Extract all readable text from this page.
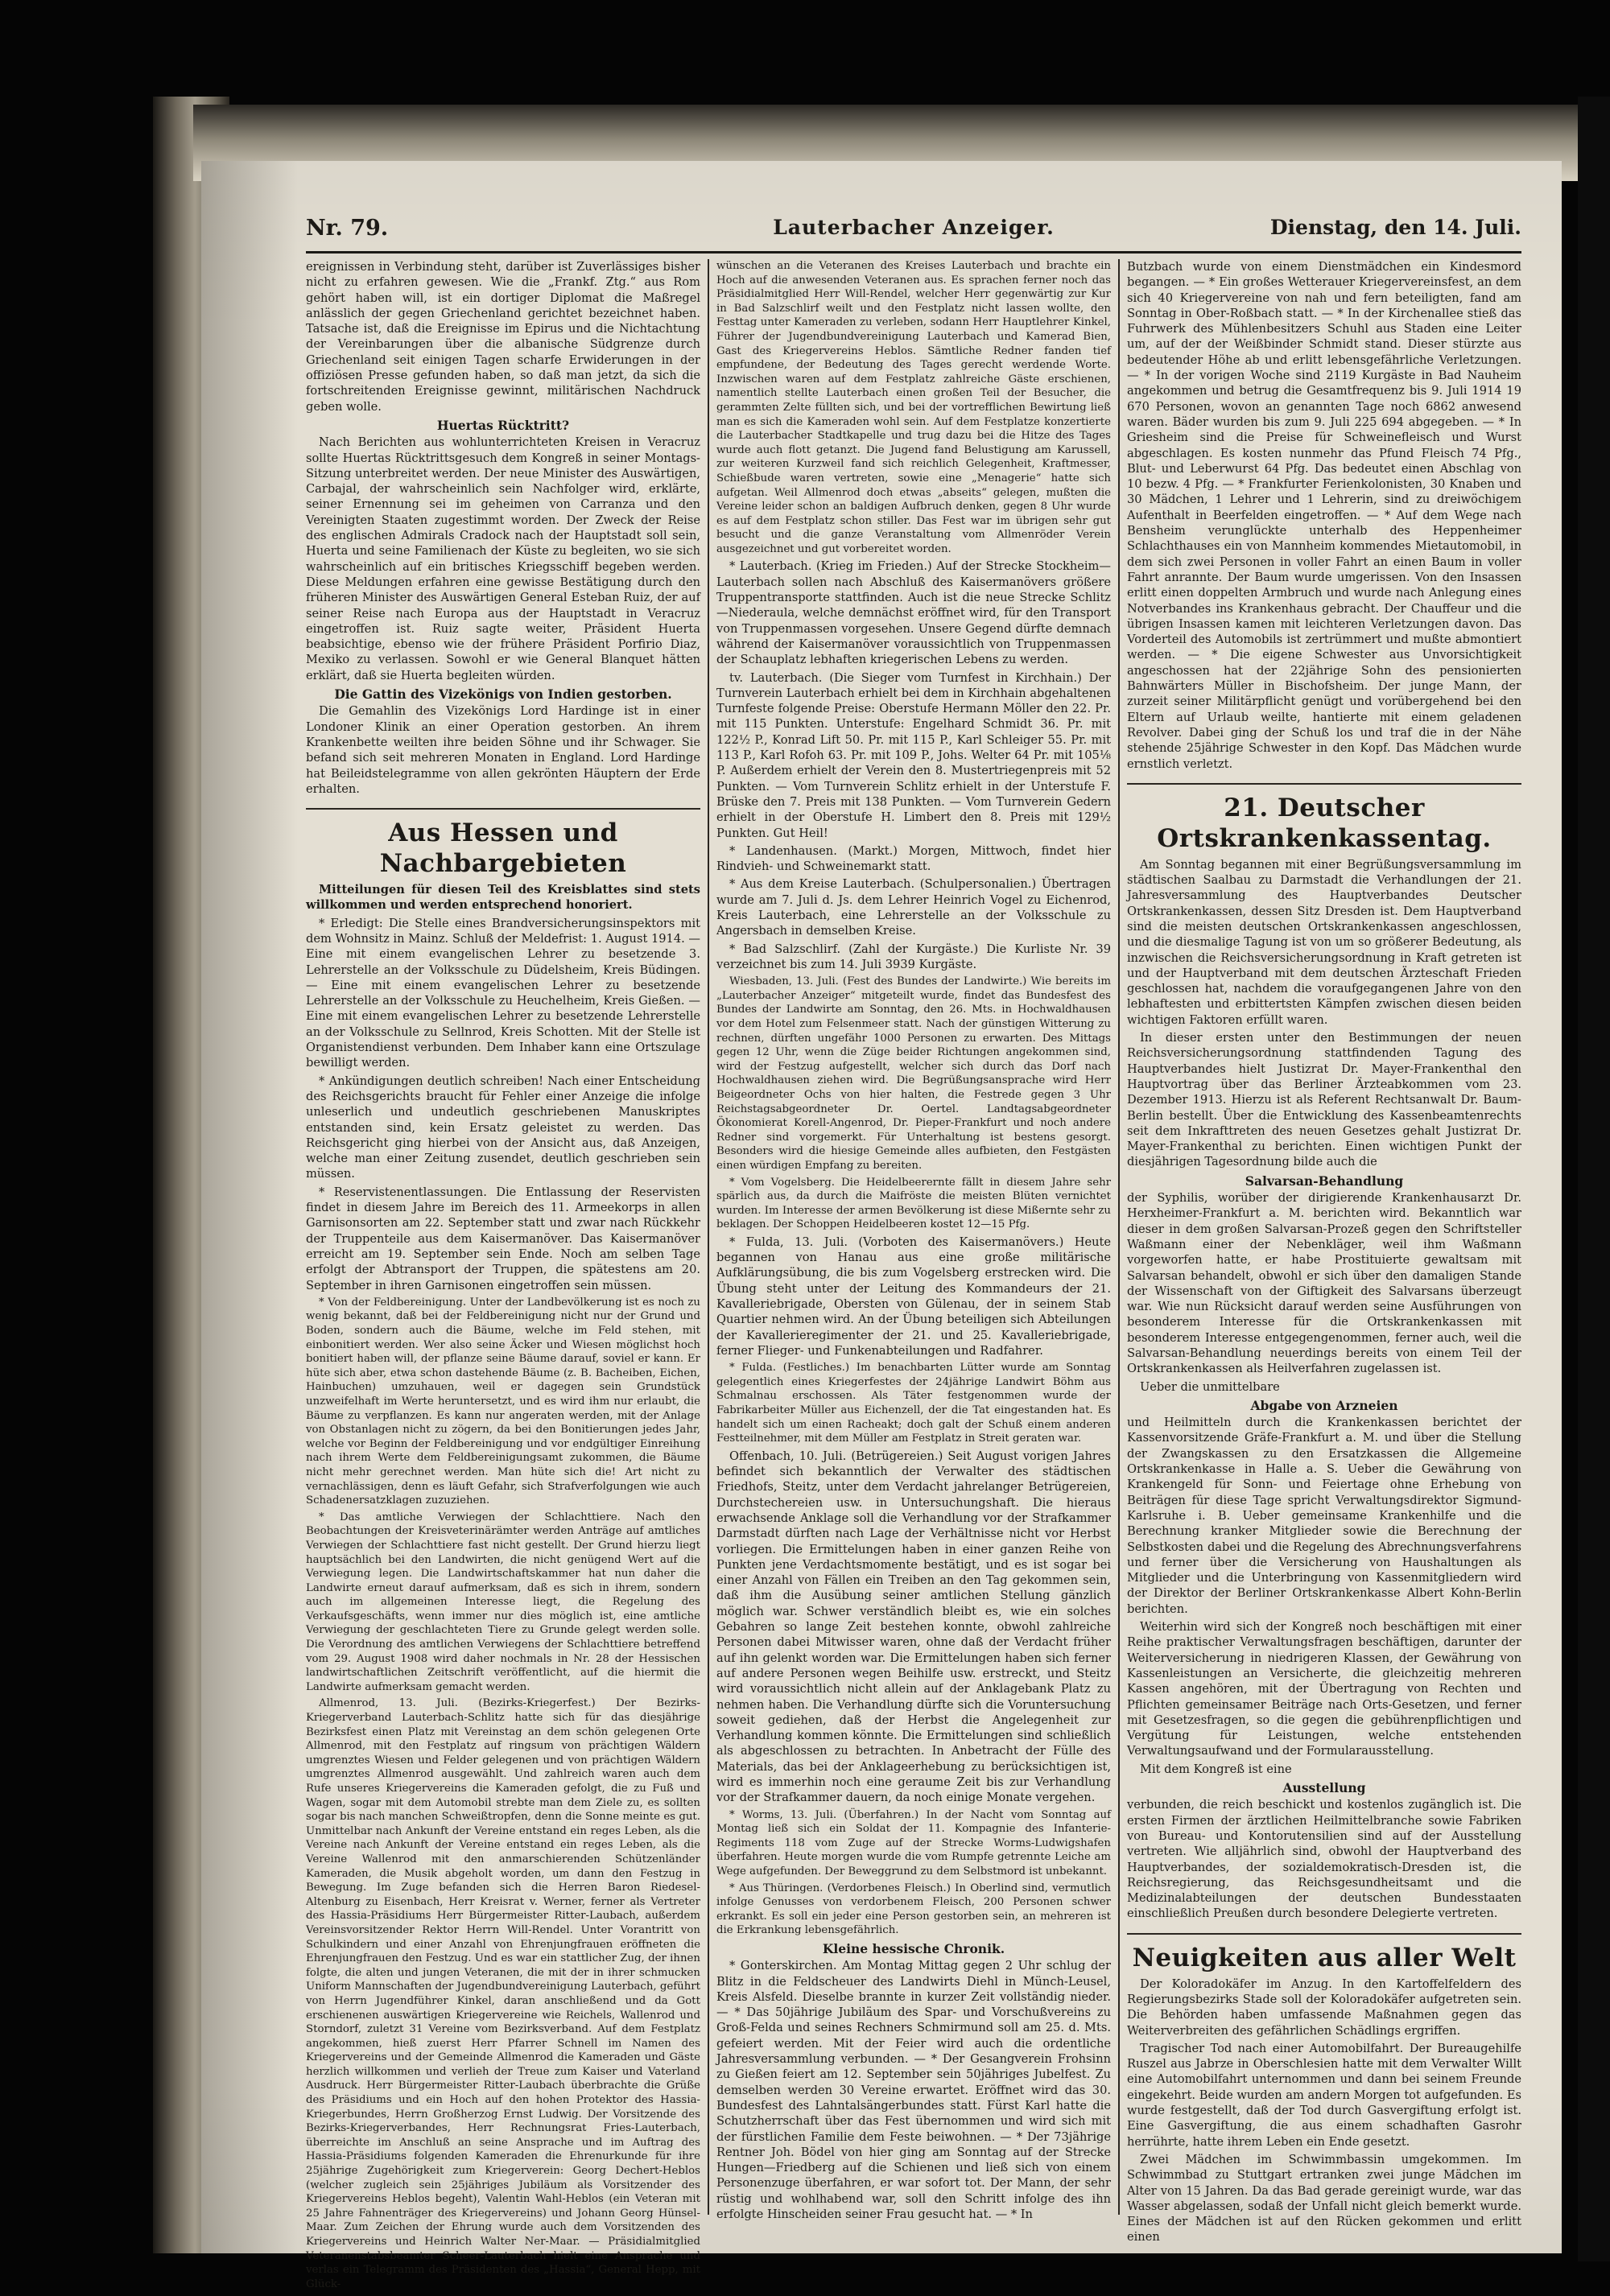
Nr. 79.	Lauterbacher Anzeiger.	Dienstag, den 14. Juli.

ereignissen in Verbindung steht, darüber ist Zuverlässiges bisher nicht zu erfahren gewesen. Wie die „Frankf. Ztg.“ aus Rom gehört haben will, ist ein dortiger Diplomat die Maßregel anlässlich der gegen Griechenland gerichtet bezeichnet haben. Tatsache ist, daß die Ereignisse im Epirus und die Nichtachtung der Vereinbarungen über die albanische Südgrenze durch Griechenland seit einigen Tagen scharfe Erwiderungen in der offiziösen Presse gefunden haben, so daß man jetzt, da sich die fortschreitenden Ereignisse gewinnt, militärischen Nachdruck geben wolle.

Huertas Rücktritt?

Nach Berichten aus wohlunterrichteten Kreisen in Veracruz sollte Huertas Rücktrittsgesuch dem Kongreß in seiner Montags-Sitzung unterbreitet werden. Der neue Minister des Auswärtigen, Carbajal, der wahrscheinlich sein Nachfolger wird, erklärte, seiner Ernennung sei im geheimen von Carranza und den Vereinigten Staaten zugestimmt worden. Der Zweck der Reise des englischen Admirals Cradock nach der Hauptstadt soll sein, Huerta und seine Familienach der Küste zu begleiten, wo sie sich wahrscheinlich auf ein britisches Kriegsschiff begeben werden. Diese Meldungen erfahren eine gewisse Bestätigung durch den früheren Minister des Auswärtigen General Esteban Ruiz, der auf seiner Reise nach Europa aus der Hauptstadt in Veracruz eingetroffen ist. Ruiz sagte weiter, Präsident Huerta beabsichtige, ebenso wie der frühere Präsident Porfirio Diaz, Mexiko zu verlassen. Sowohl er wie General Blanquet hätten erklärt, daß sie Huerta begleiten würden.

Die Gattin des Vizekönigs von Indien gestorben.

Die Gemahlin des Vizekönigs Lord Hardinge ist in einer Londoner Klinik an einer Operation gestorben. An ihrem Krankenbette weilten ihre beiden Söhne und ihr Schwager. Sie befand sich seit mehreren Monaten in England. Lord Hardinge hat Beileidstelegramme von allen gekrönten Häuptern der Erde erhalten.

Aus Hessen und Nachbargebieten

Mitteilungen für diesen Teil des Kreisblattes sind stets willkommen und werden entsprechend honoriert.

* Erledigt: Die Stelle eines Brandversicherungsinspektors mit dem Wohnsitz in Mainz. Schluß der Meldefrist: 1. August 1914. — Eine mit einem evangelischen Lehrer zu besetzende 3. Lehrerstelle an der Volksschule zu Düdelsheim, Kreis Büdingen. — Eine mit einem evangelischen Lehrer zu besetzende Lehrerstelle an der Volksschule zu Heuchelheim, Kreis Gießen. — Eine mit einem evangelischen Lehrer zu besetzende Lehrerstelle an der Volksschule zu Sellnrod, Kreis Schotten. Mit der Stelle ist Organistendienst verbunden. Dem Inhaber kann eine Ortszulage bewilligt werden.

* Ankündigungen deutlich schreiben! Nach einer Entscheidung des Reichsgerichts braucht für Fehler einer Anzeige die infolge unleserlich und undeutlich geschriebenen Manuskriptes entstanden sind, kein Ersatz geleistet zu werden. Das Reichsgericht ging hierbei von der Ansicht aus, daß Anzeigen, welche man einer Zeitung zusendet, deutlich geschrieben sein müssen.

* Reservistenentlassungen. Die Entlassung der Reservisten findet in diesem Jahre im Bereich des 11. Armeekorps in allen Garnisonsorten am 22. September statt und zwar nach Rückkehr der Truppenteile aus dem Kaisermanöver. Das Kaisermanöver erreicht am 19. September sein Ende. Noch am selben Tage erfolgt der Abtransport der Truppen, die spätestens am 20. September in ihren Garnisonen eingetroffen sein müssen.

* Von der Feldbereinigung. Unter der Landbevölkerung ist es noch zu wenig bekannt, daß bei der Feldbereinigung nicht nur der Grund und Boden, sondern auch die Bäume, welche im Feld stehen, mit einbonitiert werden. Wer also seine Äcker und Wiesen möglichst hoch bonitiert haben will, der pflanze seine Bäume darauf, soviel er kann. Er hüte sich aber, etwa schon dastehende Bäume (z. B. Bacheiben, Eichen, Hainbuchen) umzuhauen, weil er dagegen sein Grundstück unzweifelhaft im Werte heruntersetzt, und es wird ihm nur erlaubt, die Bäume zu verpflanzen. Es kann nur angeraten werden, mit der Anlage von Obstanlagen nicht zu zögern, da bei den Bonitierungen jedes Jahr, welche vor Beginn der Feldbereinigung und vor endgültiger Einreihung nach ihrem Werte dem Feldbereinigungsamt zukommen, die Bäume nicht mehr gerechnet werden. Man hüte sich die! Art nicht zu vernachlässigen, denn es läuft Gefahr, sich Strafverfolgungen wie auch Schadenersatzklagen zuzuziehen.

* Das amtliche Verwiegen der Schlachttiere. Nach den Beobachtungen der Kreisveterinärämter werden Anträge auf amtliches Verwiegen der Schlachttiere fast nicht gestellt. Der Grund hierzu liegt hauptsächlich bei den Landwirten, die nicht genügend Wert auf die Verwiegung legen. Die Landwirtschaftskammer hat nun daher die Landwirte erneut darauf aufmerksam, daß es sich in ihrem, sondern auch im allgemeinen Interesse liegt, die Regelung des Verkaufsgeschäfts, wenn immer nur dies möglich ist, eine amtliche Verwiegung der geschlachteten Tiere zu Grunde gelegt werden solle. Die Verordnung des amtlichen Verwiegens der Schlachttiere betreffend vom 29. August 1908 wird daher nochmals in Nr. 28 der Hessischen landwirtschaftlichen Zeitschrift veröffentlicht, auf die hiermit die Landwirte aufmerksam gemacht werden.

Allmenrod, 13. Juli. (Bezirks-Kriegerfest.) Der Bezirks-Kriegerverband Lauterbach-Schlitz hatte sich für das diesjährige Bezirksfest einen Platz mit Vereinstag an dem schön gelegenen Orte Allmenrod, mit den Festplatz auf ringsum von prächtigen Wäldern umgrenztes Wiesen und Felder gelegenen und von prächtigen Wäldern umgrenztes Allmenrod ausgewählt. Und zahlreich waren auch dem Rufe unseres Kriegervereins die Kameraden gefolgt, die zu Fuß und Wagen, sogar mit dem Automobil strebte man dem Ziele zu, es sollten sogar bis nach manchen Schweißtropfen, denn die Sonne meinte es gut. Unmittelbar nach Ankunft der Vereine entstand ein reges Leben, als die Vereine nach Ankunft der Vereine entstand ein reges Leben, als die Vereine Wallenrod mit den anmarschierenden Schützenländer Kameraden, die Musik abgeholt worden, um dann den Festzug in Bewegung. Im Zuge befanden sich die Herren Baron Riedesel-Altenburg zu Eisenbach, Herr Kreisrat v. Werner, ferner als Vertreter des Hassia-Präsidiums Herr Bürgermeister Ritter-Laubach, außerdem Vereinsvorsitzender Rektor Herrn Will-Rendel. Unter Vorantritt von Schulkindern und einer Anzahl von Ehrenjungfrauen eröffneten die Ehrenjungfrauen den Festzug. Und es war ein stattlicher Zug, der ihnen folgte, die alten und jungen Veteranen, die mit der in ihrer schmucken Uniform Mannschaften der Jugendbundvereinigung Lauterbach, geführt von Herrn Jugendführer Kinkel, daran anschließend und da Gott erschienenen auswärtigen Kriegervereine wie Reichels, Wallenrod und Storndorf, zuletzt 31 Vereine vom Bezirksverband. Auf dem Festplatz angekommen, hieß zuerst Herr Pfarrer Schnell im Namen des Kriegervereins und der Gemeinde Allmenrod die Kameraden und Gäste herzlich willkommen und verlieh der Treue zum Kaiser und Vaterland Ausdruck. Herr Bürgermeister Ritter-Laubach überbrachte die Grüße des Präsidiums und ein Hoch auf den hohen Protektor des Hassia-Kriegerbundes, Herrn Großherzog Ernst Ludwig. Der Vorsitzende des Bezirks-Kriegerverbandes, Herr Rechnungsrat Fries-Lauterbach, überreichte im Anschluß an seine Ansprache und im Auftrag des Hassia-Präsidiums folgenden Kameraden die Ehrenurkunde für ihre 25jährige Zugehörigkeit zum Kriegerverein: Georg Dechert-Heblos (welcher zugleich sein 25jähriges Jubiläum als Vorsitzender des Kriegervereins Heblos begeht), Valentin Wahl-Heblos (ein Veteran mit 25 Jahre Fahnenträger des Kriegervereins) und Johann Georg Hünsel-Maar. Zum Zeichen der Ehrung wurde auch dem Vorsitzenden des Kriegervereins und Heinrich Walter Ner-Maar. — Präsidialmitglied Veteranenstabsbeamter Scheer-Lauterbach hielt eine Ansprache und verlas ein Telegramm des Präsidenten des „Hassia“, General Hepp, mit Glück-

wünschen an die Veteranen des Kreises Lauterbach und brachte ein Hoch auf die anwesenden Veteranen aus. Es sprachen ferner noch das Präsidialmitglied Herr Will-Rendel, welcher Herr gegenwärtig zur Kur in Bad Salzschlirf weilt und den Festplatz nicht lassen wollte, den Festtag unter Kameraden zu verleben, sodann Herr Hauptlehrer Kinkel, Führer der Jugendbundvereinigung Lauterbach und Kamerad Bien, Gast des Kriegervereins Heblos. Sämtliche Redner fanden tief empfundene, der Bedeutung des Tages gerecht werdende Worte. Inzwischen waren auf dem Festplatz zahlreiche Gäste erschienen, namentlich stellte Lauterbach einen großen Teil der Besucher, die gerammten Zelte füllten sich, und bei der vortrefflichen Bewirtung ließ man es sich die Kameraden wohl sein. Auf dem Festplatze konzertierte die Lauterbacher Stadtkapelle und trug dazu bei die Hitze des Tages wurde auch flott getanzt. Die Jugend fand Belustigung am Karussell, zur weiteren Kurzweil fand sich reichlich Gelegenheit, Kraftmesser, Schießbude waren vertreten, sowie eine „Menagerie“ hatte sich aufgetan. Weil Allmenrod doch etwas „abseits“ gelegen, mußten die Vereine leider schon an baldigen Aufbruch denken, gegen 8 Uhr wurde es auf dem Festplatz schon stiller. Das Fest war im übrigen sehr gut besucht und die ganze Veranstaltung vom Allmenröder Verein ausgezeichnet und gut vorbereitet worden.

* Lauterbach. (Krieg im Frieden.) Auf der Strecke Stockheim—Lauterbach sollen nach Abschluß des Kaisermanövers größere Truppentransporte stattfinden. Auch ist die neue Strecke Schlitz—Niederaula, welche demnächst eröffnet wird, für den Transport von Truppenmassen vorgesehen. Unsere Gegend dürfte demnach während der Kaisermanöver voraussichtlich von Truppenmassen der Schauplatz lebhaften kriegerischen Lebens zu werden.

tv. Lauterbach. (Die Sieger vom Turnfest in Kirchhain.) Der Turnverein Lauterbach erhielt bei dem in Kirchhain abgehaltenen Turnfeste folgende Preise: Oberstufe Hermann Möller den 22. Pr. mit 115 Punkten. Unterstufe: Engelhard Schmidt 36. Pr. mit 122½ P., Konrad Lift 50. Pr. mit 115 P., Karl Schleiger 55. Pr. mit 113 P., Karl Rofoh 63. Pr. mit 109 P., Johs. Welter 64 Pr. mit 105⅛ P. Außerdem erhielt der Verein den 8. Mustertriegenpreis mit 52 Punkten. — Vom Turnverein Schlitz erhielt in der Unterstufe F. Brüske den 7. Preis mit 138 Punkten. — Vom Turnverein Gedern erhielt in der Oberstufe H. Limbert den 8. Preis mit 129½ Punkten. Gut Heil!

* Landenhausen. (Markt.) Morgen, Mittwoch, findet hier Rindvieh- und Schweinemarkt statt.

* Aus dem Kreise Lauterbach. (Schulpersonalien.) Übertragen wurde am 7. Juli d. Js. dem Lehrer Heinrich Vogel zu Eichenrod, Kreis Lauterbach, eine Lehrerstelle an der Volksschule zu Angersbach in demselben Kreise.

* Bad Salzschlirf. (Zahl der Kurgäste.) Die Kurliste Nr. 39 verzeichnet bis zum 14. Juli 3939 Kurgäste.

Wiesbaden, 13. Juli. (Fest des Bundes der Landwirte.) Wie bereits im „Lauterbacher Anzeiger“ mitgeteilt wurde, findet das Bundesfest des Bundes der Landwirte am Sonntag, den 26. Mts. in Hochwaldhausen vor dem Hotel zum Felsenmeer statt. Nach der günstigen Witterung zu rechnen, dürften ungefähr 1000 Personen zu erwarten. Des Mittags gegen 12 Uhr, wenn die Züge beider Richtungen angekommen sind, wird der Festzug aufgestellt, welcher sich durch das Dorf nach Hochwaldhausen ziehen wird. Die Begrüßungsansprache wird Herr Beigeordneter Ochs von hier halten, die Festrede gegen 3 Uhr Reichstagsabgeordneter Dr. Oertel. Landtagsabgeordneter Ökonomierat Korell-Angenrod, Dr. Pieper-Frankfurt und noch andere Redner sind vorgemerkt. Für Unterhaltung ist bestens gesorgt. Besonders wird die hiesige Gemeinde alles aufbieten, den Festgästen einen würdigen Empfang zu bereiten.

* Vom Vogelsberg. Die Heidelbeerernte fällt in diesem Jahre sehr spärlich aus, da durch die Maifröste die meisten Blüten vernichtet wurden. Im Interesse der armen Bevölkerung ist diese Mißernte sehr zu beklagen. Der Schoppen Heidelbeeren kostet 12—15 Pfg.

* Fulda, 13. Juli. (Vorboten des Kaisermanövers.) Heute begannen von Hanau aus eine große militärische Aufklärungsübung, die bis zum Vogelsberg erstrecken wird. Die Übung steht unter der Leitung des Kommandeurs der 21. Kavalleriebrigade, Obersten von Gülenau, der in seinem Stab Quartier nehmen wird. An der Übung beteiligen sich Abteilungen der Kavallerieregimenter der 21. und 25. Kavalleriebrigade, ferner Flieger- und Funkenabteilungen und Radfahrer.

* Fulda. (Festliches.) Im benachbarten Lütter wurde am Sonntag gelegentlich eines Kriegerfestes der 24jährige Landwirt Böhm aus Schmalnau erschossen. Als Täter festgenommen wurde der Fabrikarbeiter Müller aus Eichenzell, der die Tat eingestanden hat. Es handelt sich um einen Racheakt; doch galt der Schuß einem anderen Festteilnehmer, mit dem Müller am Festplatz in Streit geraten war.

Offenbach, 10. Juli. (Betrügereien.) Seit August vorigen Jahres befindet sich bekanntlich der Verwalter des städtischen Friedhofs, Steitz, unter dem Verdacht jahrelanger Betrügereien, Durchstechereien usw. in Untersuchungshaft. Die hieraus erwachsende Anklage soll die Verhandlung vor der Strafkammer Darmstadt dürften nach Lage der Verhältnisse nicht vor Herbst vorliegen. Die Ermittelungen haben in einer ganzen Reihe von Punkten jene Verdachtsmomente bestätigt, und es ist sogar bei einer Anzahl von Fällen ein Treiben an den Tag gekommen sein, daß ihm die Ausübung seiner amtlichen Stellung gänzlich möglich war. Schwer verständlich bleibt es, wie ein solches Gebahren so lange Zeit bestehen konnte, obwohl zahlreiche Personen dabei Mitwisser waren, ohne daß der Verdacht früher auf ihn gelenkt worden war. Die Ermittelungen haben sich ferner auf andere Personen wegen Beihilfe usw. erstreckt, und Steitz wird voraussichtlich nicht allein auf der Anklagebank Platz zu nehmen haben. Die Verhandlung dürfte sich die Voruntersuchung soweit gediehen, daß der Herbst die Angelegenheit zur Verhandlung kommen könnte. Die Ermittelungen sind schließlich als abgeschlossen zu betrachten. In Anbetracht der Fülle des Materials, das bei der Anklageerhebung zu berücksichtigen ist, wird es immerhin noch eine geraume Zeit bis zur Verhandlung vor der Strafkammer dauern, da noch einige Monate vergehen.

* Worms, 13. Juli. (Überfahren.) In der Nacht vom Sonntag auf Montag ließ sich ein Soldat der 11. Kompagnie des Infanterie-Regiments 118 vom Zuge auf der Strecke Worms-Ludwigshafen überfahren. Heute morgen wurde die vom Rumpfe getrennte Leiche am Wege aufgefunden. Der Beweggrund zu dem Selbstmord ist unbekannt.

* Aus Thüringen. (Verdorbenes Fleisch.) In Oberlind sind, vermutlich infolge Genusses von verdorbenem Fleisch, 200 Personen schwer erkrankt. Es soll ein jeder eine Person gestorben sein, an mehreren ist die Erkrankung lebensgefährlich.

Kleine hessische Chronik.

* Gonterskirchen. Am Montag Mittag gegen 2 Uhr schlug der Blitz in die Feldscheuer des Landwirts Diehl in Münch-Leusel, Kreis Alsfeld. Dieselbe brannte in kurzer Zeit vollständig nieder. — * Das 50jährige Jubiläum des Spar- und Vorschußvereins zu Groß-Felda und seines Rechners Schmirmund soll am 25. d. Mts. gefeiert werden. Mit der Feier wird auch die ordentliche Jahresversammlung verbunden. — * Der Gesangverein Frohsinn zu Gießen feiert am 12. September sein 50jähriges Jubelfest. Zu demselben werden 30 Vereine erwartet. Eröffnet wird das 30. Bundesfest des Lahntalsängerbundes statt. Fürst Karl hatte die Schutzherrschaft über das Fest übernommen und wird sich mit der fürstlichen Familie dem Feste beiwohnen. — * Der 73jährige Rentner Joh. Bödel von hier ging am Sonntag auf der Strecke Hungen—Friedberg auf die Schienen und ließ sich von einem Personenzuge überfahren, er war sofort tot. Der Mann, der sehr rüstig und wohlhabend war, soll den Schritt infolge des ihn erfolgte Hinscheiden seiner Frau gesucht hat. — * In

Butzbach wurde von einem Dienstmädchen ein Kindesmord begangen. — * Ein großes Wetterauer Kriegervereinsfest, an dem sich 40 Kriegervereine von nah und fern beteiligten, fand am Sonntag in Ober-Roßbach statt. — * In der Kirchenallee stieß das Fuhrwerk des Mühlenbesitzers Schuhl aus Staden eine Leiter um, auf der der Weißbinder Schmidt stand. Dieser stürzte aus bedeutender Höhe ab und erlitt lebensgefährliche Verletzungen. — * In der vorigen Woche sind 2119 Kurgäste in Bad Nauheim angekommen und betrug die Gesamtfrequenz bis 9. Juli 1914 19 670 Personen, wovon an genannten Tage noch 6862 anwesend waren. Bäder wurden bis zum 9. Juli 225 694 abgegeben. — * In Griesheim sind die Preise für Schweinefleisch und Wurst abgeschlagen. Es kosten nunmehr das Pfund Fleisch 74 Pfg., Blut- und Leberwurst 64 Pfg. Das bedeutet einen Abschlag von 10 bezw. 4 Pfg. — * Frankfurter Ferienkolonisten, 30 Knaben und 30 Mädchen, 1 Lehrer und 1 Lehrerin, sind zu dreiwöchigem Aufenthalt in Beerfelden eingetroffen. — * Auf dem Wege nach Bensheim verunglückte unterhalb des Heppenheimer Schlachthauses ein von Mannheim kommendes Mietautomobil, in dem sich zwei Personen in voller Fahrt an einen Baum in voller Fahrt anrannte. Der Baum wurde umgerissen. Von den Insassen erlitt einen doppelten Armbruch und wurde nach Anlegung eines Notverbandes ins Krankenhaus gebracht. Der Chauffeur und die übrigen Insassen kamen mit leichteren Verletzungen davon. Das Vorderteil des Automobils ist zertrümmert und mußte abmontiert werden. — * Die eigene Schwester aus Unvorsichtigkeit angeschossen hat der 22jährige Sohn des pensionierten Bahnwärters Müller in Bischofsheim. Der junge Mann, der zurzeit seiner Militärpflicht genügt und vorübergehend bei den Eltern auf Urlaub weilte, hantierte mit einem geladenen Revolver. Dabei ging der Schuß los und traf die in der Nähe stehende 25jährige Schwester in den Kopf. Das Mädchen wurde ernstlich verletzt.

21. Deutscher Ortskrankenkassentag.

Am Sonntag begannen mit einer Begrüßungsversammlung im städtischen Saalbau zu Darmstadt die Verhandlungen der 21. Jahresversammlung des Hauptverbandes Deutscher Ortskrankenkassen, dessen Sitz Dresden ist. Dem Hauptverband sind die meisten deutschen Ortskrankenkassen angeschlossen, und die diesmalige Tagung ist von um so größerer Bedeutung, als inzwischen die Reichsversicherungsordnung in Kraft getreten ist und der Hauptverband mit dem deutschen Ärzteschaft Frieden geschlossen hat, nachdem die voraufgegangenen Jahre von den lebhaftesten und erbittertsten Kämpfen zwischen diesen beiden wichtigen Faktoren erfüllt waren.

In dieser ersten unter den Bestimmungen der neuen Reichsversicherungsordnung stattfindenden Tagung des Hauptverbandes hielt Justizrat Dr. Mayer-Frankenthal den Hauptvortrag über das Berliner Ärzteabkommen vom 23. Dezember 1913. Hierzu ist als Referent Rechtsanwalt Dr. Baum-Berlin bestellt. Über die Entwicklung des Kassenbeamtenrechts seit dem Inkrafttreten des neuen Gesetzes gehalt Justizrat Dr. Mayer-Frankenthal zu berichten. Einen wichtigen Punkt der diesjährigen Tagesordnung bilde auch die

Salvarsan-Behandlung

der Syphilis, worüber der dirigierende Krankenhausarzt Dr. Herxheimer-Frankfurt a. M. berichten wird. Bekanntlich war dieser in dem großen Salvarsan-Prozeß gegen den Schriftsteller Waßmann einer der Nebenkläger, weil ihm Waßmann vorgeworfen hatte, er habe Prostituierte gewaltsam mit Salvarsan behandelt, obwohl er sich über den damaligen Stande der Wissenschaft von der Giftigkeit des Salvarsans überzeugt war. Wie nun Rücksicht darauf werden seine Ausführungen von besonderem Interesse für die Ortskrankenkassen mit besonderem Interesse entgegengenommen, ferner auch, weil die Salvarsan-Behandlung neuerdings bereits von einem Teil der Ortskrankenkassen als Heilverfahren zugelassen ist.

Ueber die unmittelbare

Abgabe von Arzneien

und Heilmitteln durch die Krankenkassen berichtet der Kassenvorsitzende Gräfe-Frankfurt a. M. und über die Stellung der Zwangskassen zu den Ersatzkassen die Allgemeine Ortskrankenkasse in Halle a. S. Ueber die Gewährung von Krankengeld für Sonn- und Feiertage ohne Erhebung von Beiträgen für diese Tage spricht Verwaltungsdirektor Sigmund-Karlsruhe i. B. Ueber gemeinsame Krankenhilfe und die Berechnung kranker Mitglieder sowie die Berechnung der Selbstkosten dabei und die Regelung des Abrechnungsverfahrens und ferner über die Versicherung von Haushaltungen als Mitglieder und die Unterbringung von Kassenmitgliedern wird der Direktor der Berliner Ortskrankenkasse Albert Kohn-Berlin berichten.

Weiterhin wird sich der Kongreß noch beschäftigen mit einer Reihe praktischer Verwaltungsfragen beschäftigen, darunter der Weiterversicherung in niedrigeren Klassen, der Gewährung von Kassenleistungen an Versicherte, die gleichzeitig mehreren Kassen angehören, mit der Übertragung von Rechten und Pflichten gemeinsamer Beiträge nach Orts-Gesetzen, und ferner mit Gesetzesfragen, so die gegen die gebührenpflichtigen und Vergütung für Leistungen, welche entstehenden Verwaltungsaufwand und der Formularausstellung.

Mit dem Kongreß ist eine

Ausstellung

verbunden, die reich beschickt und kostenlos zugänglich ist. Die ersten Firmen der ärztlichen Heilmittelbranche sowie Fabriken von Bureau- und Kontorutensilien sind auf der Ausstellung vertreten. Wie alljährlich sind, obwohl der Hauptverband des Hauptverbandes, der sozialdemokratisch-Dresden ist, die Reichsregierung, das Reichsgesundheitsamt und die Medizinalabteilungen der deutschen Bundesstaaten einschließlich Preußen durch besondere Delegierte vertreten.

Neuigkeiten aus aller Welt

Der Koloradokäfer im Anzug. In den Kartoffelfeldern des Regierungsbezirks Stade soll der Koloradokäfer aufgetreten sein. Die Behörden haben umfassende Maßnahmen gegen das Weiterverbreiten des gefährlichen Schädlings ergriffen.

Tragischer Tod nach einer Automobilfahrt. Der Bureaugehilfe Ruszel aus Jabrze in Oberschlesien hatte mit dem Verwalter Willt eine Automobilfahrt unternommen und dann bei seinem Freunde eingekehrt. Beide wurden am andern Morgen tot aufgefunden. Es wurde festgestellt, daß der Tod durch Gasvergiftung erfolgt ist. Eine Gasvergiftung, die aus einem schadhaften Gasrohr herrührte, hatte ihrem Leben ein Ende gesetzt.

Zwei Mädchen im Schwimmbassin umgekommen. Im Schwimmbad zu Stuttgart ertranken zwei junge Mädchen im Alter von 15 Jahren. Da das Bad gerade gereinigt wurde, war das Wasser abgelassen, sodaß der Unfall nicht gleich bemerkt wurde. Eines der Mädchen ist auf den Rücken gekommen und erlitt einen
